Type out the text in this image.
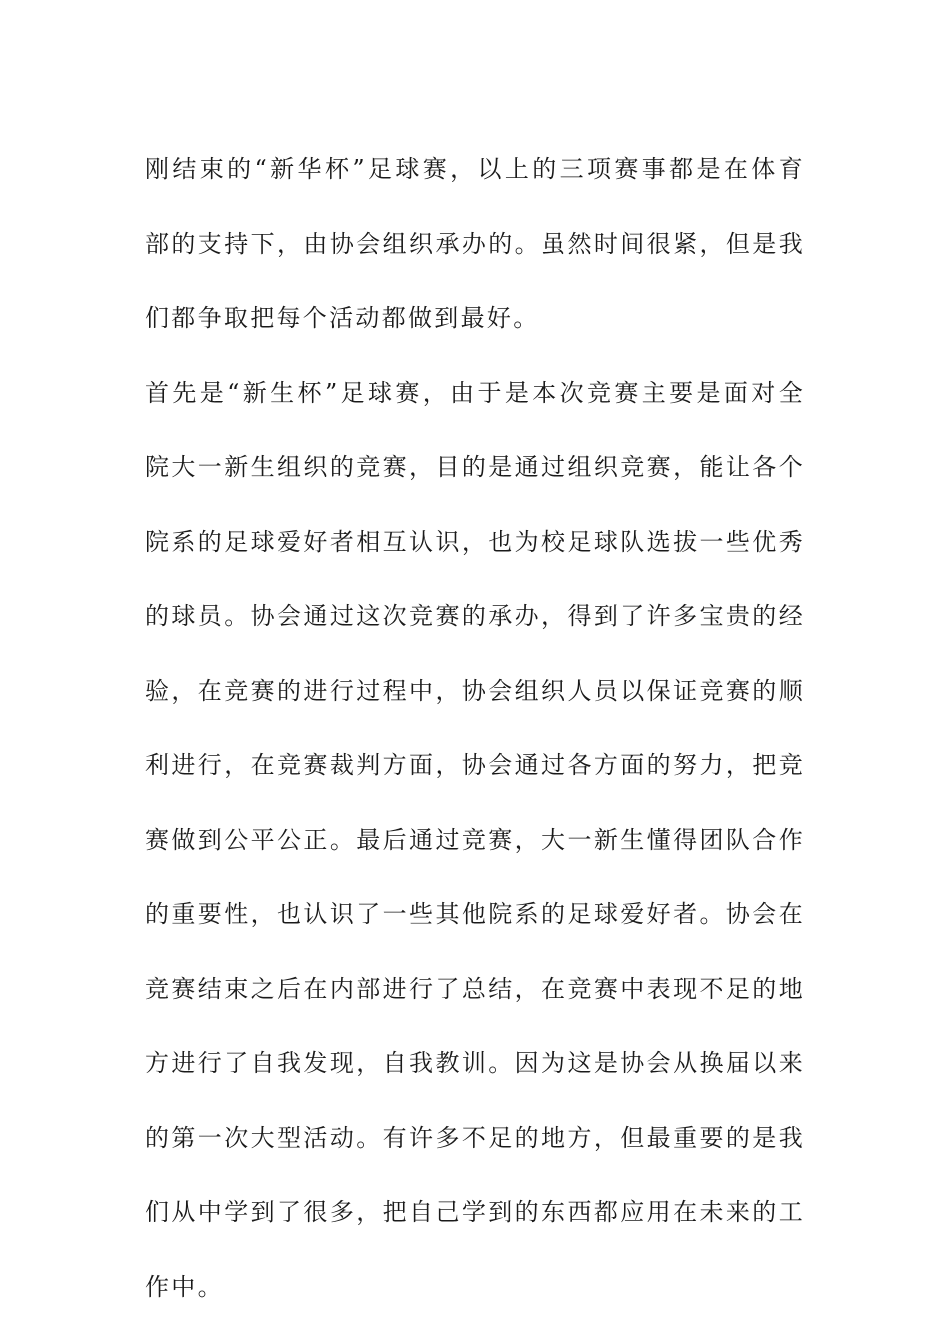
刚结束的“新华杯”足球赛，以上的三项赛事都是在体育部的支持下，由协会组织承办的。虽然时间很紧，但是我们都争取把每个活动都做到最好。

首先是“新生杯”足球赛，由于是本次竞赛主要是面对全院大一新生组织的竞赛，目的是通过组织竞赛，能让各个院系的足球爱好者相互认识，也为校足球队选拔一些优秀的球员。协会通过这次竞赛的承办，得到了许多宝贵的经验，在竞赛的进行过程中，协会组织人员以保证竞赛的顺利进行，在竞赛裁判方面，协会通过各方面的努力，把竞赛做到公平公正。最后通过竞赛，大一新生懂得团队合作的重要性，也认识了一些其他院系的足球爱好者。协会在竞赛结束之后在内部进行了总结，在竞赛中表现不足的地方进行了自我发现，自我教训。因为这是协会从换届以来的第一次大型活动。有许多不足的地方，但最重要的是我们从中学到了很多，把自己学到的东西都应用在未来的工作中。
